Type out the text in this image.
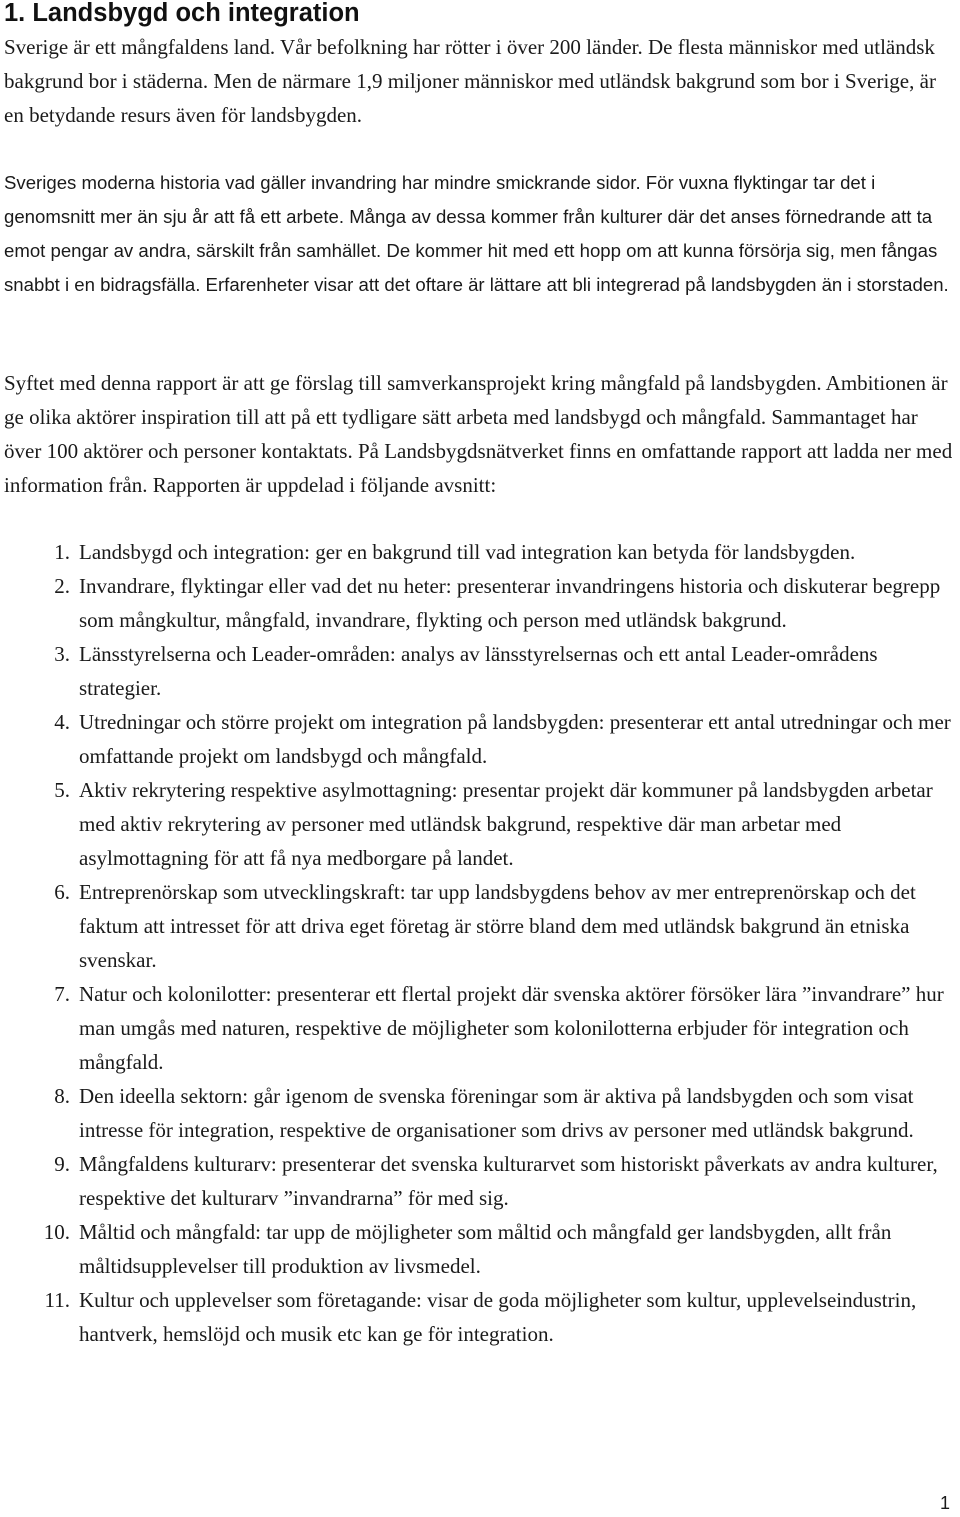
1. Landsbygd och integration

Sverige är ett mångfaldens land. Vår befolkning har rötter i över 200 länder. De flesta människor med utländsk bakgrund bor i städerna. Men de närmare 1,9 miljoner människor med utländsk bakgrund som bor i Sverige, är en betydande resurs även för landsbygden.

Sveriges moderna historia vad gäller invandring har mindre smickrande sidor. För vuxna flyktingar tar det i genomsnitt mer än sju år att få ett arbete. Många av dessa kommer från kulturer där det anses förnedrande att ta emot pengar av andra, särskilt från samhället. De kommer hit med ett hopp om att kunna försörja sig, men fångas snabbt i en bidragsfälla. Erfarenheter visar att det oftare är lättare att bli integrerad på landsbygden än i storstaden.

Syftet med denna rapport är att ge förslag till samverkansprojekt kring mångfald på landsbygden. Ambitionen är ge olika aktörer inspiration till att på ett tydligare sätt arbeta med landsbygd och mångfald. Sammantaget har över 100 aktörer och personer kontaktats. På Landsbygdsnätverket finns en omfattande rapport att ladda ner med information från. Rapporten är uppdelad i följande avsnitt:

1 . Landsbygd och integration: ger en bakgrund till vad integration kan betyda för landsbygden.
2 . Invandrare, flyktingar eller vad det nu heter: presenterar invandringens historia och diskuterar begrepp som mångkultur, mångfald, invandrare, flykting och person med utländsk bakgrund.
3 . Länsstyrelserna och Leader-områden: analys av länsstyrelsernas och ett antal Leader-områdens strategier.
4 . Utredningar och större projekt om integration på landsbygden: presenterar ett antal utredningar och mer omfattande projekt om landsbygd och mångfald.
5 . Aktiv rekrytering respektive asylmottagning: presentar projekt där kommuner på landsbygden arbetar med aktiv rekrytering av personer med utländsk bakgrund, respektive där man arbetar med asylmottagning för att få nya medborgare på landet.
6 . Entreprenörskap som utvecklingskraft: tar upp landsbygdens behov av mer entreprenörskap och det faktum att intresset för att driva eget företag är större bland dem med utländsk bakgrund än etniska svenskar.
7 . Natur och kolonilotter: presenterar ett flertal projekt där svenska aktörer försöker lära ”invandrare” hur man umgås med naturen, respektive de möjligheter som kolonilotterna erbjuder för integration och mångfald.
8 . Den ideella sektorn: går igenom de svenska föreningar som är aktiva på landsbygden och som visat intresse för integration, respektive de organisationer som drivs av personer med utländsk bakgrund.
9 . Mångfaldens kulturarv: presenterar det svenska kulturarvet som historiskt påverkats av andra kulturer, respektive det kulturarv ”invandrarna” för med sig.
10 . Måltid och mångfald: tar upp de möjligheter som måltid och mångfald ger landsbygden, allt från måltidsupplevelser till produktion av livsmedel.
11 . Kultur och upplevelser som företagande: visar de goda möjligheter som kultur, upplevelseindustrin, hantverk, hemslöjd och musik etc kan ge för integration.
1
